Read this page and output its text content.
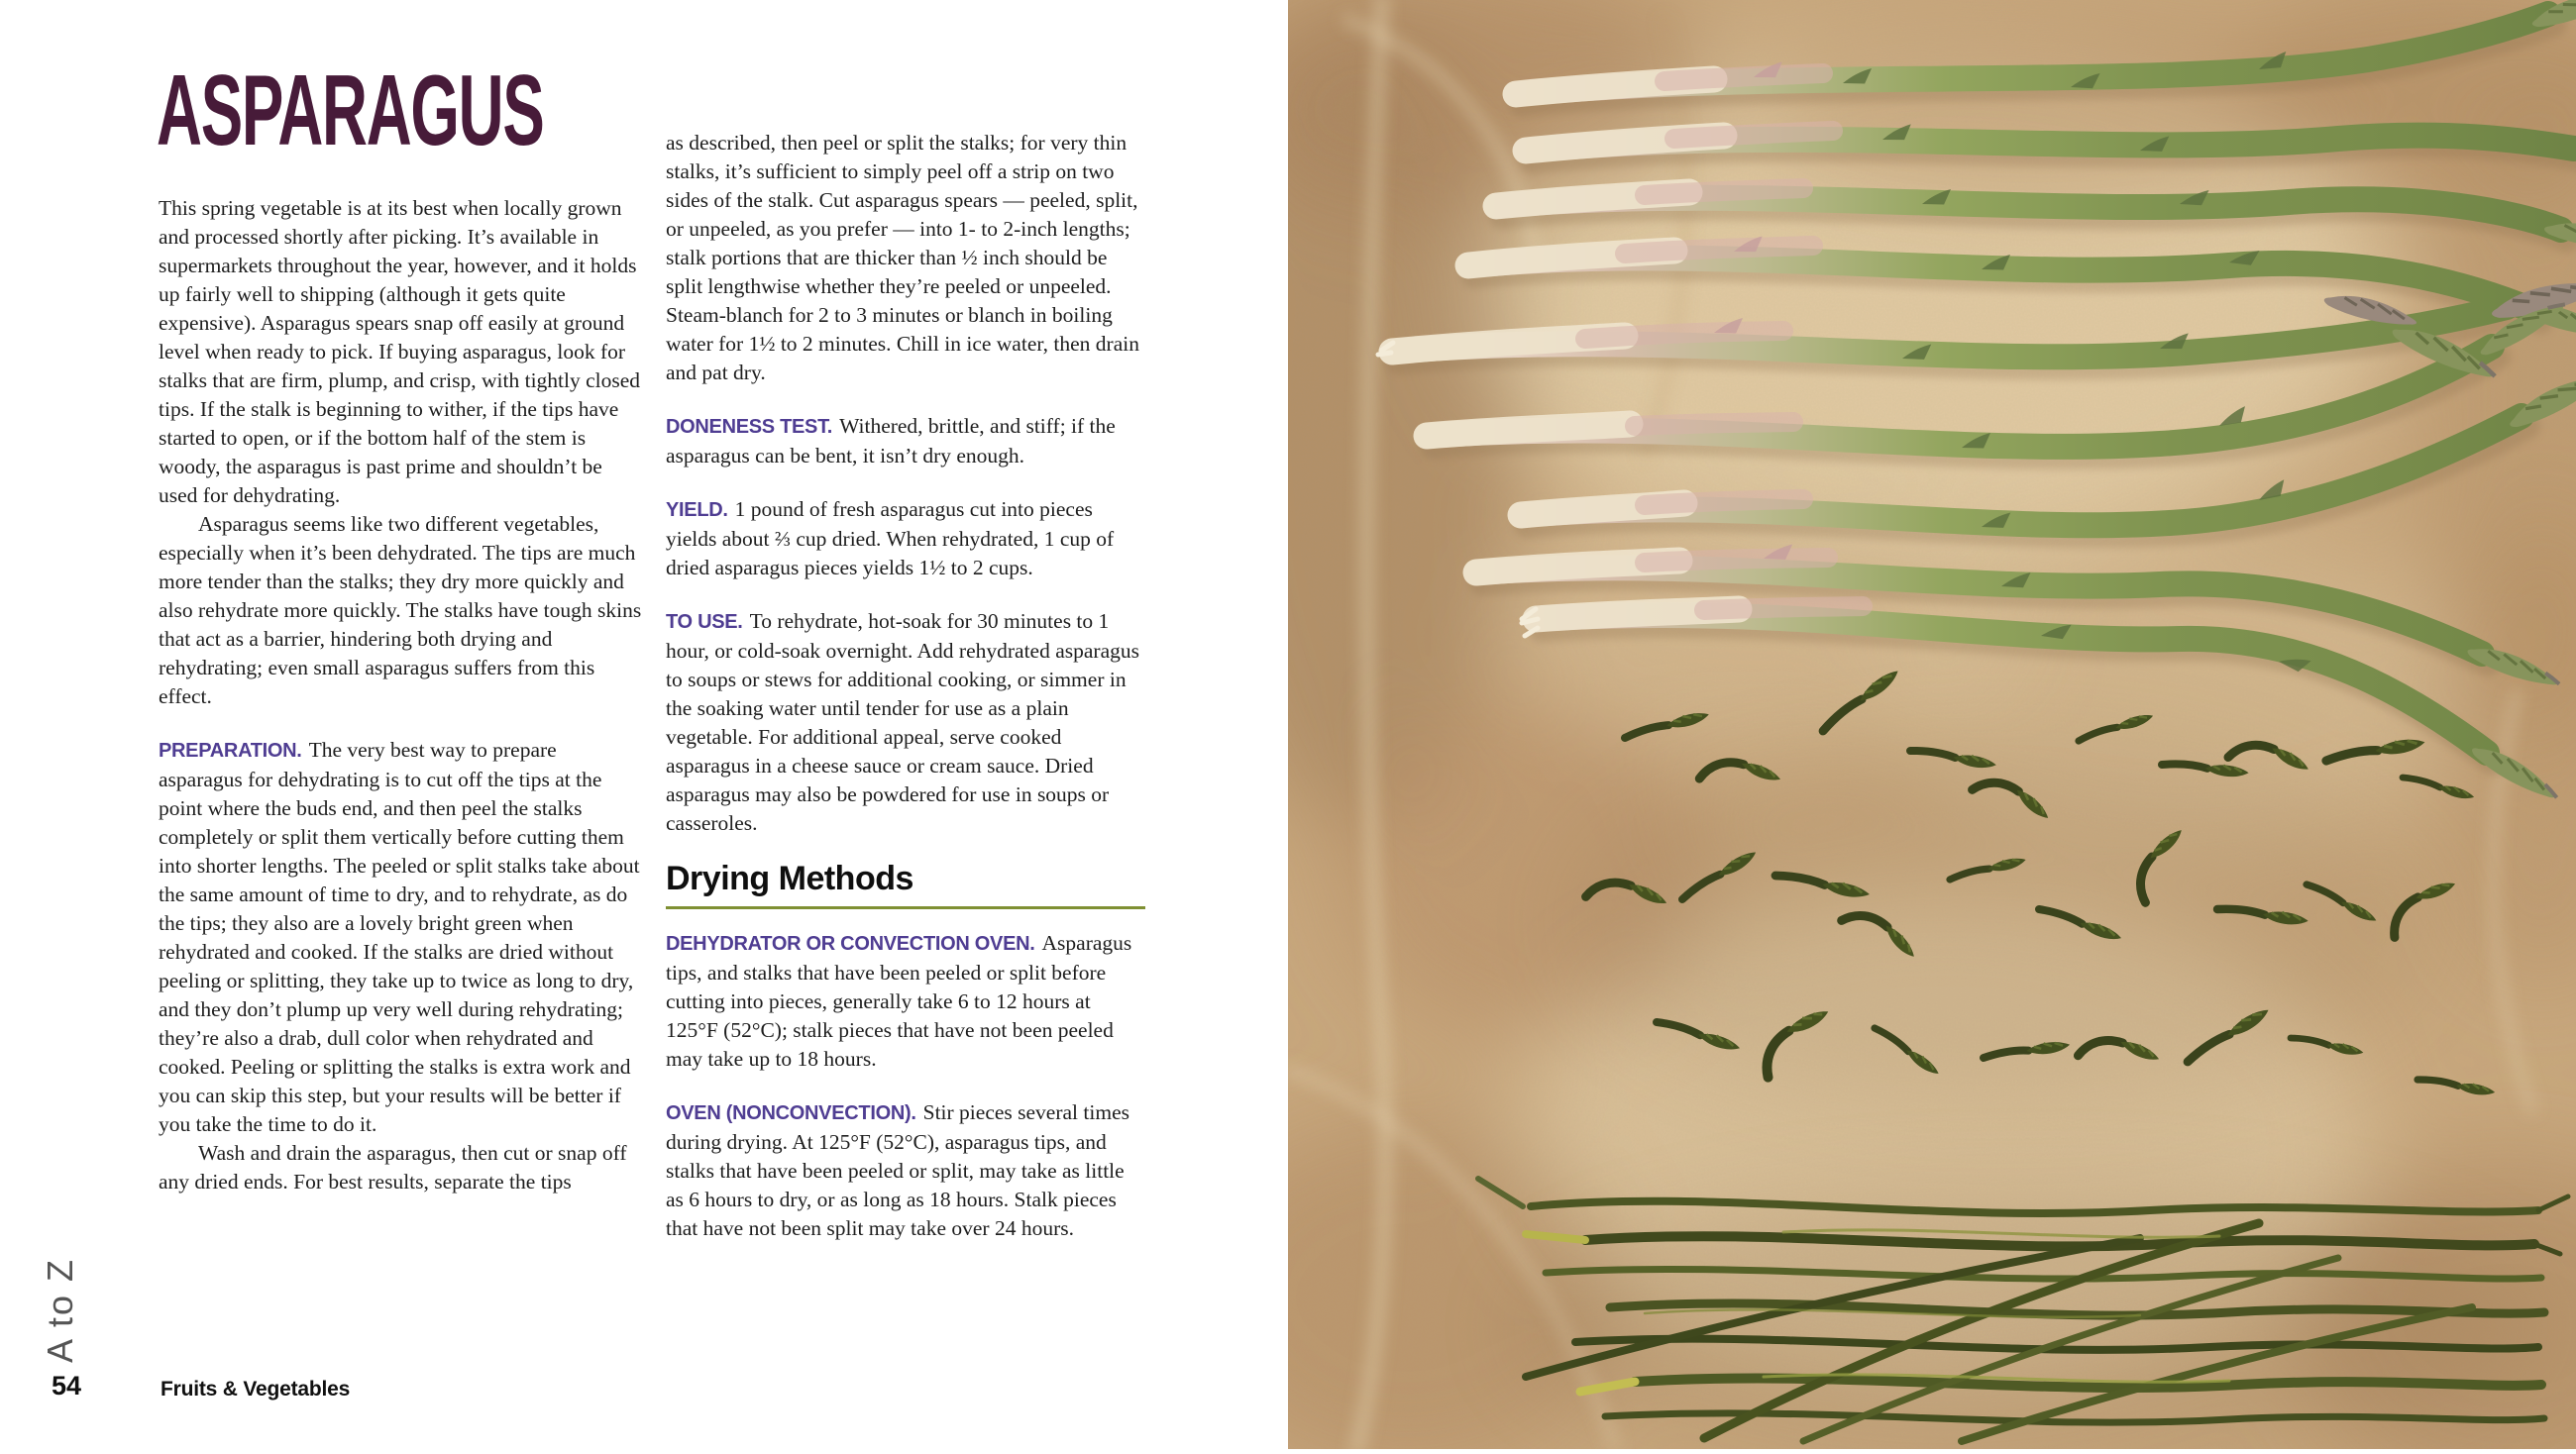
ASPARAGUS

This spring vegetable is at its best when locally grown and processed shortly after picking. It’s available in supermarkets throughout the year, however, and it holds up fairly well to shipping (although it gets quite expensive). Asparagus spears snap off easily at ground level when ready to pick. If buying asparagus, look for stalks that are firm, plump, and crisp, with tightly closed tips. If the stalk is beginning to wither, if the tips have started to open, or if the bottom half of the stem is woody, the asparagus is past prime and shouldn’t be used for dehydrating.

Asparagus seems like two different vegetables, especially when it’s been dehydrated. The tips are much more tender than the stalks; they dry more quickly and also rehydrate more quickly. The stalks have tough skins that act as a barrier, hindering both drying and rehydrating; even small asparagus suffers from this effect.

PREPARATION. The very best way to prepare asparagus for dehydrating is to cut off the tips at the point where the buds end, and then peel the stalks completely or split them vertically before cutting them into shorter lengths. The peeled or split stalks take about the same amount of time to dry, and to rehydrate, as do the tips; they also are a lovely bright green when rehydrated and cooked. If the stalks are dried without peeling or splitting, they take up to twice as long to dry, and they don’t plump up very well during rehydrating; they’re also a drab, dull color when rehydrated and cooked. Peeling or splitting the stalks is extra work and you can skip this step, but your results will be better if you take the time to do it.

Wash and drain the asparagus, then cut or snap off any dried ends. For best results, separate the tips

as described, then peel or split the stalks; for very thin stalks, it’s sufficient to simply peel off a strip on two sides of the stalk. Cut asparagus spears — peeled, split, or unpeeled, as you prefer — into 1- to 2-inch lengths; stalk portions that are thicker than ½ inch should be split lengthwise whether they’re peeled or unpeeled. Steam-blanch for 2 to 3 minutes or blanch in boiling water for 1½ to 2 minutes. Chill in ice water, then drain and pat dry.

DONENESS TEST. Withered, brittle, and stiff; if the asparagus can be bent, it isn’t dry enough.

YIELD. 1 pound of fresh asparagus cut into pieces yields about ⅔ cup dried. When rehydrated, 1 cup of dried asparagus pieces yields 1½ to 2 cups.

TO USE. To rehydrate, hot-soak for 30 minutes to 1 hour, or cold-soak overnight. Add rehydrated asparagus to soups or stews for additional cooking, or simmer in the soaking water until tender for use as a plain vegetable. For additional appeal, serve cooked asparagus in a cheese sauce or cream sauce. Dried asparagus may also be powdered for use in soups or casseroles.

Drying Methods

DEHYDRATOR OR CONVECTION OVEN. Asparagus tips, and stalks that have been peeled or split before cutting into pieces, generally take 6 to 12 hours at 125°F (52°C); stalk pieces that have not been peeled may take up to 18 hours.

OVEN (NONCONVECTION). Stir pieces several times during drying. At 125°F (52°C), asparagus tips, and stalks that have been peeled or split, may take as little as 6 hours to dry, or as long as 18 hours. Stalk pieces that have not been split may take over 24 hours.

A to Z
54	Fruits & Vegetables
